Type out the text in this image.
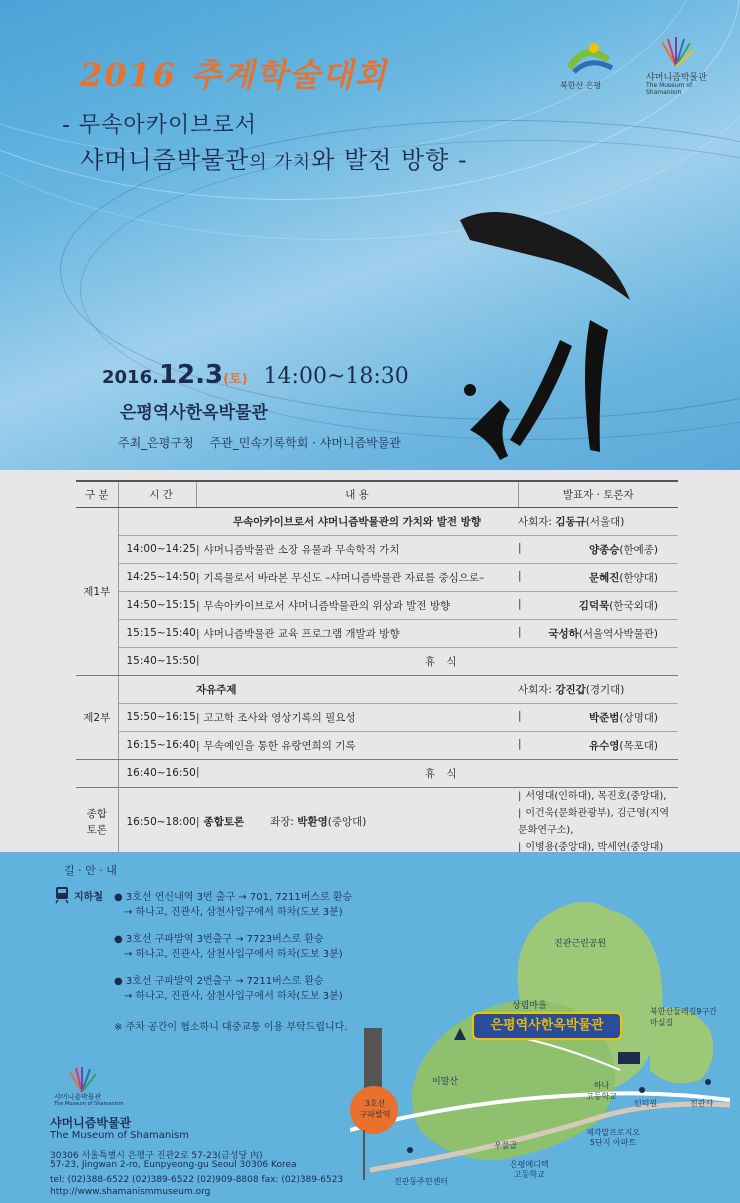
2016 추계학술대회
- 무속아카이브로서
샤머니즘박물관의 가치와 발전 방향 -
북한산 은평
샤머니즘박물관
The Museum of Shamanism
2016.12.3(토) 14:00~18:30
은평역사한옥박물관
주최_은평구청 주관_민속기록학회 · 샤머니즘박물관
구 분	시 간	내 용	발표자 · 토론자
제1부		무속아카이브로서 샤머니즘박물관의 가치와 발전 방향	사회자: 김동규(서울대)
	14:00~14:25	| 샤머니즘박물관 소장 유물과 무속학적 가치	| 양종승(한예종)
	14:25~14:50	| 기록물로서 바라본 무신도 –샤머니즘박물관 자료를 중심으로–	| 문혜진(한양대)
	14:50~15:15	| 무속아카이브로서 샤머니즘박물관의 위상과 발전 방향	| 김덕묵(한국외대)
	15:15~15:40	| 샤머니즘박물관 교육 프로그램 개발과 방향	| 국성하(서울역사박물관)
	15:40~15:50	| 휴 식	
제2부		자유주제	사회자: 강진갑(경기대)
	15:50~16:15	| 고고학 조사와 영상기록의 필요성	| 박준범(상명대)
	16:15~16:40	| 무속예인을 통한 유랑연희의 기록	| 유수영(목포대)
	16:40~16:50	| 휴 식	
종합
토론	16:50~18:00	| 종합토론 좌장: 박환영(중앙대)	| 서영대(인하대), 목진호(중앙대),
| 이건욱(문화관광부), 김근영(지역문화연구소),
| 이병용(중앙대), 박세연(중앙대)
길 · 안 · 내
지하철 ● 3호선 연신내역 3번 출구 → 701, 7211버스로 환승
→ 하나고, 진관사, 삼천사입구에서 하차(도보 3분)
● 3호선 구파발역 3번출구 → 7723버스로 환승
→ 하나고, 진관사, 삼천사입구에서 하차(도보 3분)
● 3호선 구파발역 2번출구 → 7211버스로 환승
→ 하나고, 진관사, 삼천사입구에서 하차(도보 3분)
※ 주차 공간이 협소하니 대중교통 이용 부탁드립니다.
샤머니즘박물관
The Museum of Shamanism
샤머니즘박물관
The Museum of Shamanism
30306 서울특별시 은평구 진관2로 57-23(금성당 內)
57-23, Jingwan 2-ro, Eunpyeong-gu Seoul 30306 Korea
tel: (02)388-6522 (02)389-6522 (02)909-8808 fax: (02)389-6523
http://www.shamanismmuseum.org
진관근린공원
상림마을
은평역사한옥박물관
북한산둘레길9구간
마실길
이말산	하나
고등학교
인덕원	진관사
3호선
구파발역
우물골
은평메디텍
고등학교
제각말프로지오
5단지 아파트
진관동주민센터
